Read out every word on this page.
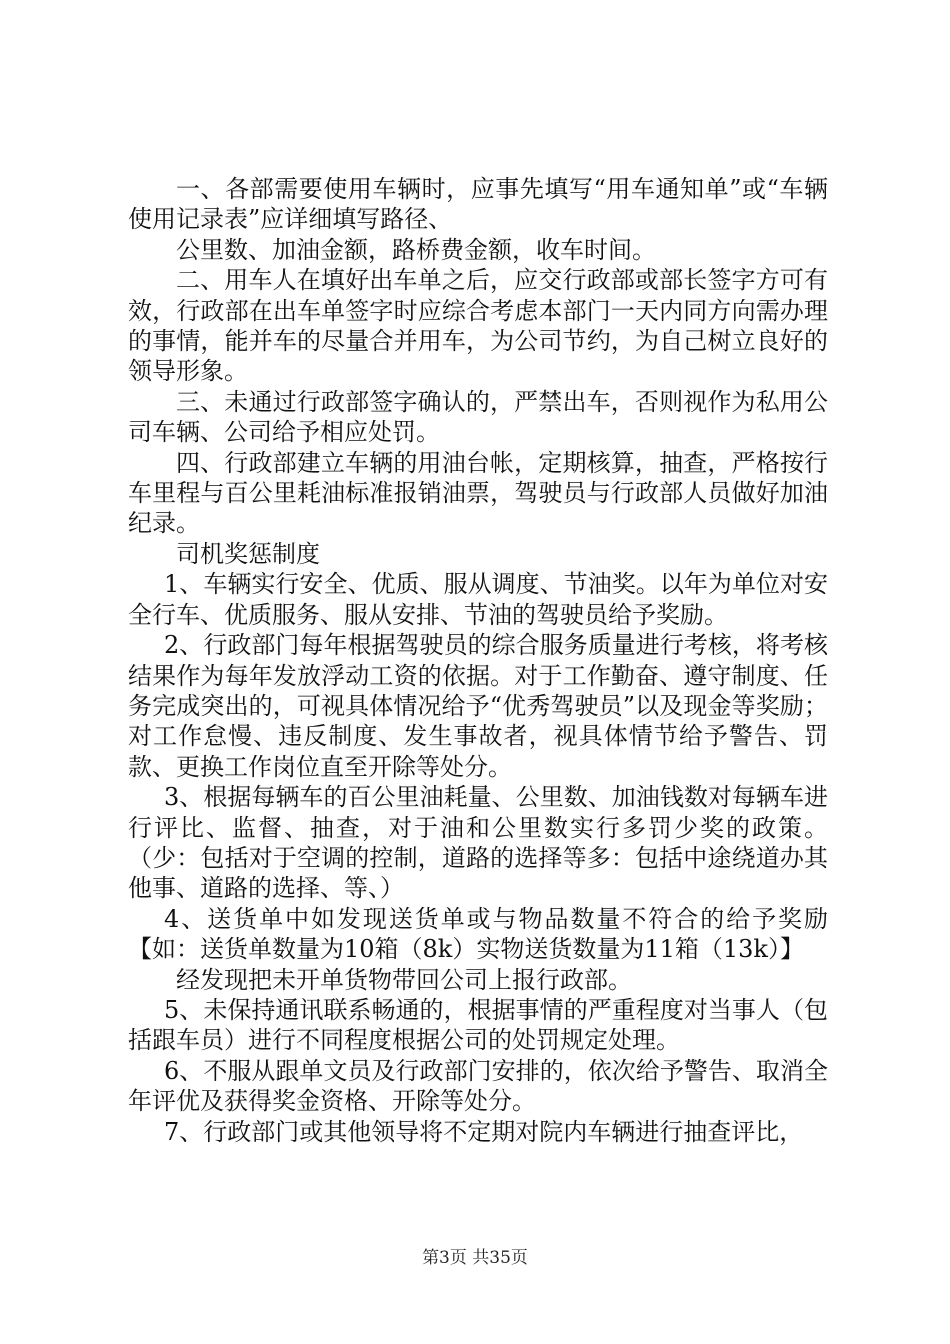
一、各部需要使用车辆时，应事先填写“用车通知单”或“车辆使用记录表”应详细填写路径、

公里数、加油金额，路桥费金额，收车时间。

二、用车人在填好出车单之后，应交行政部或部长签字方可有效，行政部在出车单签字时应综合考虑本部门一天内同方向需办理的事情，能并车的尽量合并用车，为公司节约，为自己树立良好的领导形象。

三、未通过行政部签字确认的，严禁出车，否则视作为私用公司车辆、公司给予相应处罚。

四、行政部建立车辆的用油台帐，定期核算，抽查，严格按行车里程与百公里耗油标准报销油票，驾驶员与行政部人员做好加油纪录。

司机奖惩制度

1、车辆实行安全、优质、服从调度、节油奖。以年为单位对安全行车、优质服务、服从安排、节油的驾驶员给予奖励。

2、行政部门每年根据驾驶员的综合服务质量进行考核，将考核结果作为每年发放浮动工资的依据。对于工作勤奋、遵守制度、任务完成突出的，可视具体情况给予“优秀驾驶员”以及现金等奖励；对工作怠慢、违反制度、发生事故者，视具体情节给予警告、罚款、更换工作岗位直至开除等处分。

3、根据每辆车的百公里油耗量、公里数、加油钱数对每辆车进行评比、监督、抽查，对于油和公里数实行多罚少奖的政策。（少：包括对于空调的控制，道路的选择等多：包括中途绕道办其他事、道路的选择、等、）

4、送货单中如发现送货单或与物品数量不符合的给予奖励【如：送货单数量为10箱（8k）实物送货数量为11箱（13k）】

经发现把未开单货物带回公司上报行政部。

5、未保持通讯联系畅通的，根据事情的严重程度对当事人（包括跟车员）进行不同程度根据公司的处罚规定处理。

6、不服从跟单文员及行政部门安排的，依次给予警告、取消全年评优及获得奖金资格、开除等处分。

7、行政部门或其他领导将不定期对院内车辆进行抽查评比，

第3页 共35页
